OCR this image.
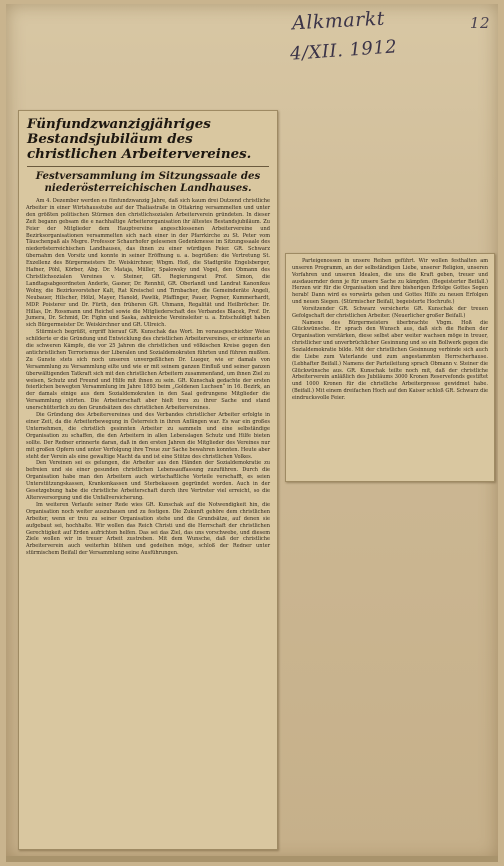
Alkmarkt
4/XII. 1912
12
Fünfundzwanzigjähriges Bestandsjubiläum des christlichen Arbeitervereines.
Festversammlung im Sitzungssaale des niederösterreichischen Landhauses.

Am 4. Dezember werden es fünfundzwanzig Jahre, daß sich kaum drei Dutzend christliche Arbeiter in einer Wirtshausstube auf der Thaliastraße in Ottakring versammelten und unter den größten politischen Stürmen den christlichsozialen Arbeiterverein gründeten. In dieser Zeit begann gebsam die e nachhaltige Arbeiterorganisation ihr ältestes Bestandsjubiläum. Zu Feier der Mitglieder dem Hauptvereine angeschlossenen Arbeitervereine und Bezirksorganisationen versammelten sich nach einer in der Pfarrkirche zu St. Peter vom Täuschenpaß als Msgre. Professor Schaurhofer gelesenen Gedenkmesse im Sitzungssaale des niederösterreichischen Landhauses, das ihnen zu einer würdigen Feier. GR. Schwarz übernahm den Vorsitz und konnte in seiner Eröffnung u. a. begrüßen: die Vertretung St. Exzellenz des Bürgermeisters Dr. Weiskirchner, Wbgm. Hoß, die Stadtgräte Engelsberger, Hafner, Pöhl, Körber, Abg. Dr. Mataja, Müller, Spalowsky und Vogel, den Obmann des Christlichsozialen Vereines v. Steiner, GR. Regierungsrat Prof. Simon, die Landtagsabgeordneten Anderle, Gasner, Dr. Rennhil, GR. Oberlandl und Landrat Kanonikus Wolny, die Bezirksvorsteher Kalt, Rat Kreischel und Tirnbacher, die Gemeinderäte Angeli, Neubauer, Hilscher, Hölzl, Mayer, Hanold, Pawlik, Pfaffinger, Pauer, Pogner, Kummerhardt, MDP. Poisterer und Dr. Fürth, den früheren GR. Uhmann, Regalität und Heilbröcher. Dr. Hillas, Dr. Rossmann und Reichel sowie die Mitgliederschaft des Verbandes Blacek, Prof. Dr. Jumera, Dr. Schmid, Dr. Fighn und Saska, zahlreiche Vereinsleiter u. a. Entschuldigt haben sich Bürgermeister Dr. Weiskirchner und GR. Ullreich.

Stürmisch begrüßt, ergriff hierauf GR. Kunschak das Wort. Im vorausgeschickter Weise schilderte er die Gründung und Entwicklung des christlichen Arbeitervereines, er erinnerte an die schweren Kämpfe, die vor 25 Jahren die christlichen und völkischen Kreise gegen den antichristlichen Terrorismus der Liberalen und Sozialdemokraten führten und führen mußten. Zu Gunste stets sich noch unseren unvergeßlichen Dr. Lueger, wie er damals von Versammlung zu Versammlung eilte und wie er mit seinem ganzen Einfluß und seiner ganzen überwältigenden Tatkraft sich mit den christlichen Arbeitern zusammenfand, um ihnen Ziel zu weisen, Schutz und Freund und Hilfe mit ihnen zu sein. GR. Kunschak gedachte der ersten feierlichen bewegten Versammlung im Jahre 1893 beim „Goldenen Luchsen“ in 16. Bezirk, an der damals einige aus dem Sozialdemokraten in den Saal gedrungene Mitglieder die Versammlung störten. Die Arbeiterschaft aber hielt treu zu ihrer Sache und stand unerschütterlich zu den Grundsätzen des christlichen Arbeitervereines.

Die Gründung des Arbeitervereines und des Verbandes christlicher Arbeiter erfolgte in einer Zeit, da die Arbeiterbewegung in Österreich in ihren Anfängen war. Es war ein großes Unternehmen, die christlich gesinnten Arbeiter zu sammeln und eine selbständige Organisation zu schaffen, die den Arbeitern in allen Lebenslagen Schutz und Hilfe bieten sollte. Der Redner erinnerte daran, daß in den ersten Jahren die Mitglieder des Vereines nur mit großen Opfern und unter Verfolgung ihre Treue zur Sache bewahren konnten. Heute aber steht der Verein als eine gewaltige Macht da und ist eine Stütze des christlichen Volkes.

Den Vereinen sei es gelungen, die Arbeiter aus den Händen der Sozialdemokratie zu befreien und sie einer gesunden christlichen Lebensauffassung zuzuführen. Durch die Organisation habe man den Arbeitern auch wirtschaftliche Vorteile verschafft, es seien Unterstützungskassen, Krankenkassen und Sterbekassen gegründet worden. Auch in der Gesetzgebung habe die christliche Arbeiterschaft durch ihre Vertreter viel erreicht, so die Altersversorgung und die Unfallversicherung.

Im weiteren Verlaufe seiner Rede wies GR. Kunschak auf die Notwendigkeit hin, die Organisation noch weiter auszubauen und zu festigen. Die Zukunft gehöre dem christlichen Arbeiter, wenn er treu zu seiner Organisation stehe und die Grundsätze, auf denen sie aufgebaut sei, hochhalte. Wir wollen das Reich Christi und die Herrschaft der christlichen Gerechtigkeit auf Erden aufrichten helfen. Das sei das Ziel, das uns vorschwebe, und diesem Ziele wollen wir in treuer Arbeit zustreben. Mit dem Wunsche, daß der christliche Arbeiterverein auch weiterhin blühen und gedeihen möge, schloß der Redner unter stürmischem Beifall der Versammlung seine Ausführungen.

Parteigenossen in unsere Reihen geführt. Wir wollen festhalten am unseren Programm, an der selbständigen Liebe, unserer Religion, unseren Vorfahren und unseren Idealen, die uns die Kraft geben, treuer und ausdauernder denn je für unsere Sache zu kämpfen. (Begeisterter Beifall.) Herzen wir für die Organisation und ihre bisherigen Erfolge Gottes Segen herab! Dann wird es vorwärts gehen und Gottes Hilfe zu neuen Erfolgen und neuen Siegen. (Stürmischer Beifall, begeisterte Hochrufe.)

Vorsitzender GR. Schwarz versicherte GR. Kunschak der treuen Gefolgschaft der christlichen Arbeiter. (Neuerlicher großer Beifall.)

Namens des Bürgermeisters überbrachte Vbgm. Hoß die Glückwünsche. Er sprach den Wunsch aus, daß sich die Reihen der Organisation verstärken, diese selbst aber weiter wachsen möge in treuer, christlicher und unverbrüchlicher Gesinnung und so ein Bollwerk gegen die Sozialdemokratie bilde. Mit der christlichen Gesinnung verbinde sich auch die Liebe zum Vaterlande und zum angestammten Herrscherhause. (Lebhafter Beifall.) Namens der Parteileitung sprach Obmann v. Steiner die Glückwünsche aus. GR. Kunschak teilte noch mit, daß der christliche Arbeiterverein anläßlich des Jubiläums 3000 Kronen Reservefonds gestiftet und 1000 Kronen für die christliche Arbeiterpresse gewidmet habe. (Beifall.) Mit einem dreifachen Hoch auf den Kaiser schloß GR. Schwarz die eindrucksvolle Feier.
